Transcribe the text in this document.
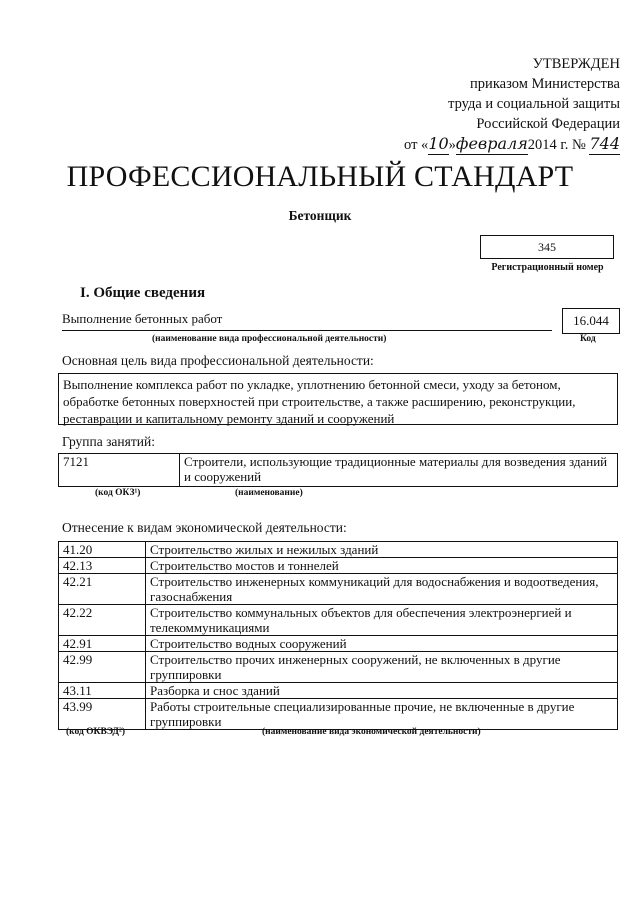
УТВЕРЖДЕН
приказом Министерства
труда и социальной защиты
Российской Федерации
от «10»февраля2014 г. № 744
ПРОФЕССИОНАЛЬНЫЙ СТАНДАРТ
Бетонщик
345
Регистрационный номер
I. Общие сведения
Выполнение бетонных работ	16.044
(наименование вида профессиональной деятельности)	Код
Основная цель вида профессиональной деятельности:
Выполнение комплекса работ по укладке, уплотнению бетонной смеси, уходу за бетоном, обработке бетонных поверхностей при строительстве, а также расширению, реконструкции, реставрации и капитальному ремонту зданий и сооружений
Группа занятий:
7121	Строители, использующие традиционные материалы для возведения зданий и сооружений
(код ОКЗ¹)	(наименование)
Отнесение к видам экономической деятельности:
41.20	Строительство жилых и нежилых зданий
42.13	Строительство мостов и тоннелей
42.21	Строительство инженерных коммуникаций для водоснабжения и водоотведения, газоснабжения
42.22	Строительство коммунальных объектов для обеспечения электроэнергией и телекоммуникациями
42.91	Строительство водных сооружений
42.99	Строительство прочих инженерных сооружений, не включенных в другие группировки
43.11	Разборка и снос зданий
43.99	Работы строительные специализированные прочие, не включенные в другие группировки
(код ОКВЭД²)	(наименование вида экономической деятельности)
